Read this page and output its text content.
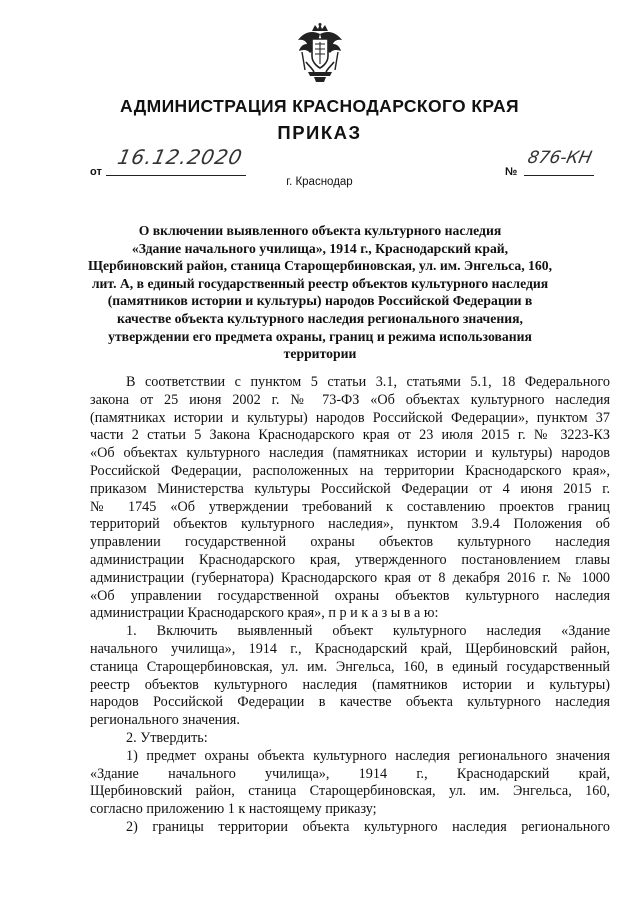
АДМИНИСТРАЦИЯ КРАСНОДАРСКОГО КРАЯ
ПРИКАЗ
от
16.12.2020
№
876-КН
г. Краснодар
О включении выявленного объекта культурного наследия
«Здание начального училища», 1914 г., Краснодарский край,
Щербиновский район, станица Старощербиновская, ул. им. Энгельса, 160,
лит. А, в единый государственный реестр объектов культурного наследия
(памятников истории и культуры) народов Российской Федерации в
качестве объекта культурного наследия регионального значения,
утверждении его предмета охраны, границ и режима использования
территории
В соответствии с пунктом 5 статьи 3.1, статьями 5.1, 18 Федерального
закона от 25 июня 2002 г. № 73-ФЗ «Об объектах культурного наследия
(памятниках истории и культуры) народов Российской Федерации», пунктом 37
части 2 статьи 5 Закона Краснодарского края от 23 июля 2015 г. № 3223-КЗ
«Об объектах культурного наследия (памятниках истории и культуры) народов
Российской Федерации, расположенных на территории Краснодарского края»,
приказом Министерства культуры Российской Федерации от 4 июня 2015 г.
№ 1745 «Об утверждении требований к составлению проектов границ
территорий объектов культурного наследия», пунктом 3.9.4 Положения об
управлении государственной охраны объектов культурного наследия
администрации Краснодарского края, утвержденного постановлением главы
администрации (губернатора) Краснодарского края от 8 декабря 2016 г. № 1000
«Об управлении государственной охраны объектов культурного наследия
администрации Краснодарского края», п р и к а з ы в а ю:
1. Включить выявленный объект культурного наследия «Здание
начального училища», 1914 г., Краснодарский край, Щербиновский район,
станица Старощербиновская, ул. им. Энгельса, 160, в единый государственный
реестр объектов культурного наследия (памятников истории и культуры)
народов Российской Федерации в качестве объекта культурного наследия
регионального значения.
2. Утвердить:
1) предмет охраны объекта культурного наследия регионального значения
«Здание начального училища», 1914 г., Краснодарский край,
Щербиновский район, станица Старощербиновская, ул. им. Энгельса, 160,
согласно приложению 1 к настоящему приказу;
2) границы территории объекта культурного наследия регионального
